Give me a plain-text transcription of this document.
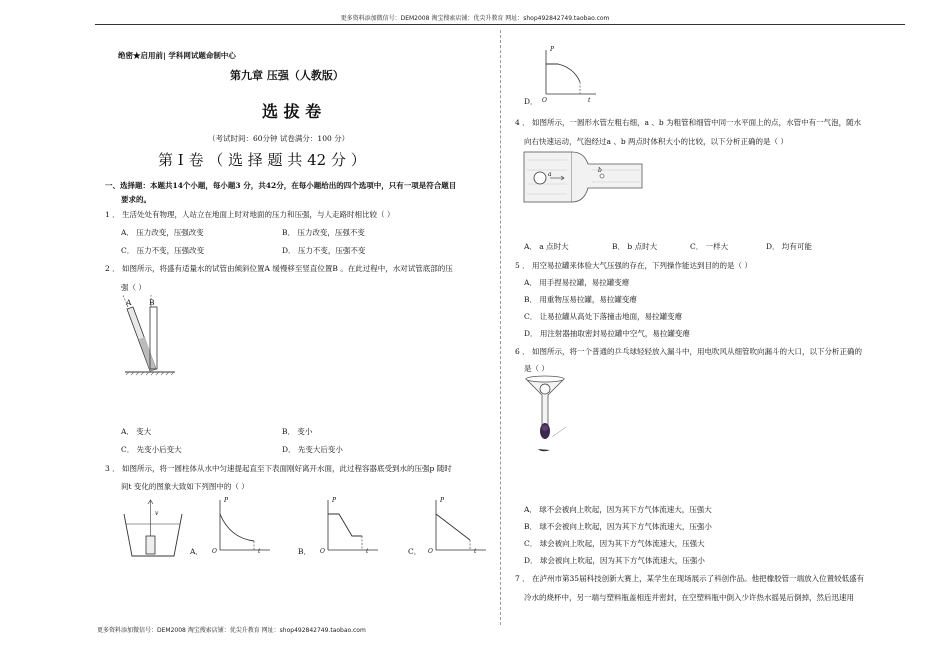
更多资料添加微信号：DEM2008 淘宝搜索店铺：优尖升教育 网址：shop492842749.taobao.com
绝密★启用前| 学科网试题命制中心
第九章 压强（人教版）
选 拔 卷
（考试时间：60分钟 试卷满分：100 分）
第 Ⅰ 卷 （ 选 择 题 共 42 分 ）
一、选择题：本题共14个小题，每小题3 分，共42分，在每小题给出的四个选项中，只有一项是符合题目
要求的。
1 ． 生活处处有物理，人站立在地面上时对地面的压力和压强，与人走路时相比较（ ）
A． 压力改变，压强改变	B． 压力改变，压强不变
C． 压力不变，压强改变	D． 压力不变，压强不变
2 ． 如图所示，将盛有适量水的试管由倾斜位置A 缓慢移至竖直位置B 。在此过程中，水对试管底部的压
强（ ）
A B
A． 变大	B． 变小
C． 先变小后变大	D． 先变大后变小
3 ． 如图所示，将一圆柱体从水中匀速提起直至下表面刚好离开水面，此过程容器底受到水的压强p 随时
间t 变化的图象大致如下列图中的（ ）
v
A．
P
O	t	B．
P
O	t	C．
P
O	t
P
D． O	t
4 ． 如图所示，一圆形水管左粗右细，a 、b 为粗管和细管中同一水平面上的点，水管中有一气泡，随水
向右快速运动，气泡经过a 、b 两点时体积大小的比较，以下分析正确的是（ ）
a
b
A． a 点时大	B． b 点时大	C． 一样大	D． 均有可能
5 ． 用空易拉罐来体验大气压强的存在，下列操作能达到目的的是（ ）
A． 用手捏易拉罐，易拉罐变瘪
B． 用重物压易拉罐，易拉罐变瘪
C． 让易拉罐从高处下落撞击地面，易拉罐变瘪
D． 用注射器抽取密封易拉罐中空气，易拉罐变瘪
6 ． 如图所示，将一个普通的乒乓球轻轻放入漏斗中，用电吹风从细管吹向漏斗的大口，以下分析正确的
是（ ）
A． 球不会被向上吹起，因为其下方气体流速大，压强大
B． 球不会被向上吹起，因为其下方气体流速大，压强小
C． 球会被向上吹起，因为其下方气体流速大，压强大
D． 球会被向上吹起，因为其下方气体流速大，压强小
7 ． 在泸州市第35届科技创新大赛上，某学生在现场展示了科创作品。他把橡胶管一端放入位置较低盛有
冷水的烧杯中，另一端与塑料瓶盖相连并密封，在空塑料瓶中倒入少许热水摇晃后倒掉，然后迅速用
更多资料添加微信号：DEM2008 淘宝搜索店铺：优尖升教育 网址：shop492842749.taobao.com
